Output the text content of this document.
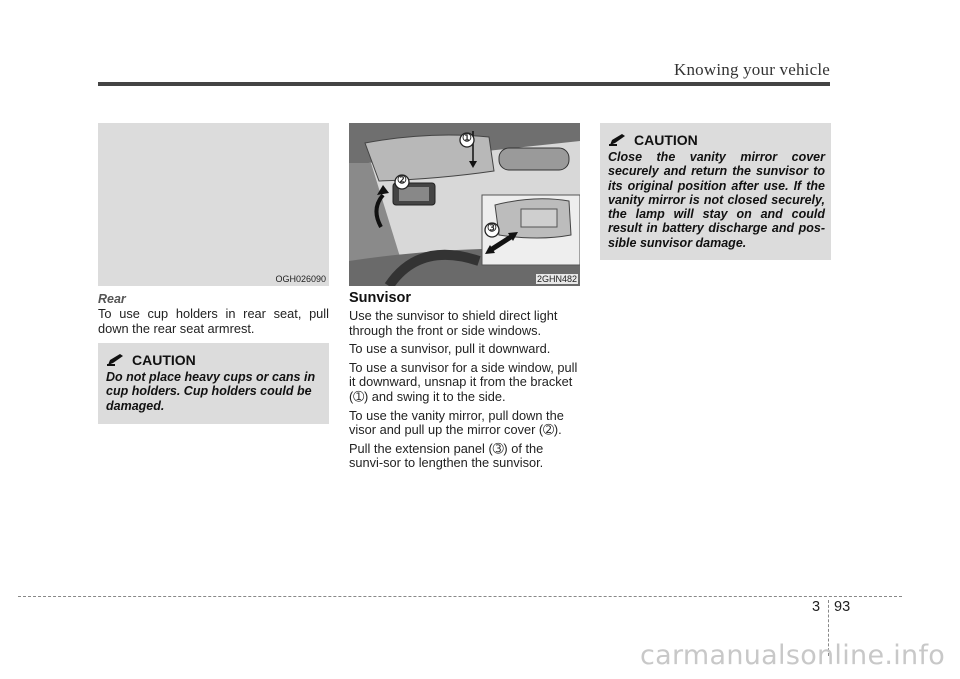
Knowing your vehicle
OGH026090
➀
➁
➂
2GHN482
Rear

To use cup holders in rear seat, pull down the rear seat armrest.

CAUTION
Do not place heavy cups or cans in cup holders. Cup holders could be damaged.
Sunvisor

Use the sunvisor to shield direct light through the front or side windows.

To use a sunvisor, pull it downward.

To use a sunvisor for a side window, pull it downward, unsnap it from the bracket (➀) and swing it to the side.

To use the vanity mirror, pull down the visor and pull up the mirror cover (➁).

Pull the extension panel (➂) of the sunvi-sor to lengthen the sunvisor.

CAUTION
Close the vanity mirror cover securely and return the sunvisor to its original position after use. If the vanity mirror is not closed securely, the lamp will stay on and could result in battery discharge and pos-sible sunvisor damage.
3 93
carmanualsonline.info
